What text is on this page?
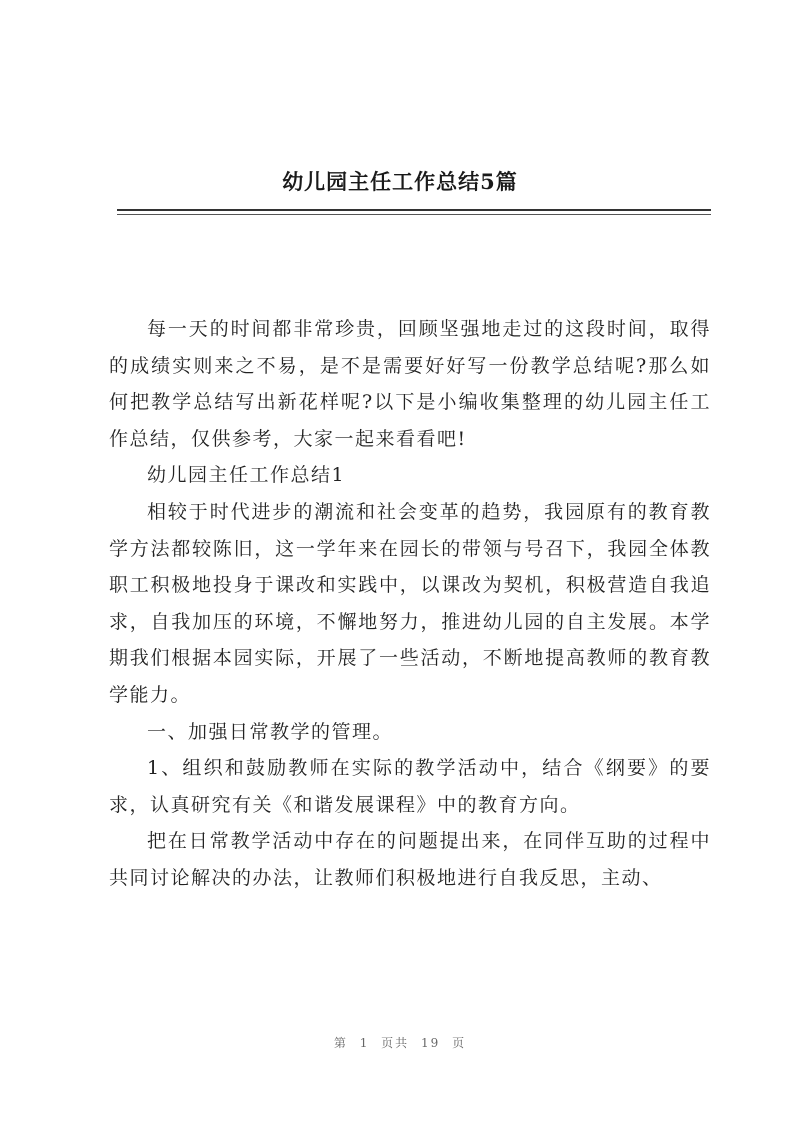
幼儿园主任工作总结5篇

每一天的时间都非常珍贵，回顾坚强地走过的这段时间，取得的成绩实则来之不易，是不是需要好好写一份教学总结呢?那么如何把教学总结写出新花样呢?以下是小编收集整理的幼儿园主任工作总结，仅供参考，大家一起来看看吧!

幼儿园主任工作总结1

相较于时代进步的潮流和社会变革的趋势，我园原有的教育教学方法都较陈旧，这一学年来在园长的带领与号召下，我园全体教职工积极地投身于课改和实践中，以课改为契机，积极营造自我追求，自我加压的环境，不懈地努力，推进幼儿园的自主发展。本学期我们根据本园实际，开展了一些活动，不断地提高教师的教育教学能力。

一、加强日常教学的管理。

1、组织和鼓励教师在实际的教学活动中，结合《纲要》的要求，认真研究有关《和谐发展课程》中的教育方向。

把在日常教学活动中存在的问题提出来，在同伴互助的过程中共同讨论解决的办法，让教师们积极地进行自我反思，主动、

第 1 页共 19 页
